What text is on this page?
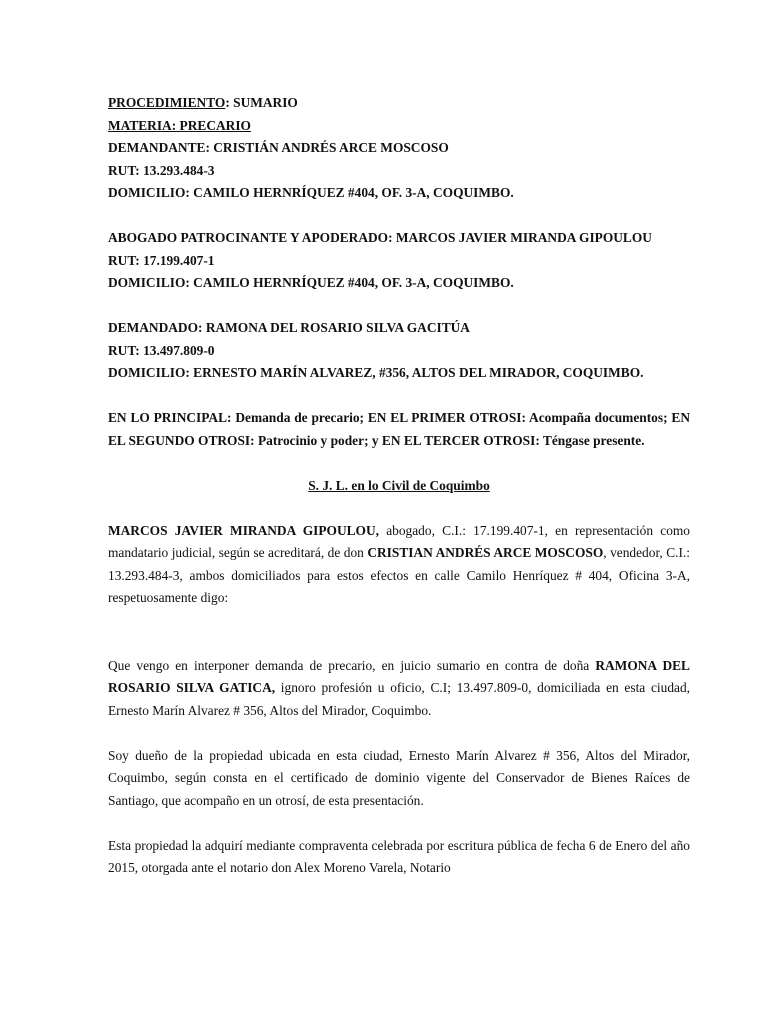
PROCEDIMIENTO: SUMARIO
MATERIA: PRECARIO
DEMANDANTE: CRISTIÁN ANDRÉS ARCE MOSCOSO
RUT: 13.293.484-3
DOMICILIO: CAMILO HERNRÍQUEZ #404, OF. 3-A, COQUIMBO.
ABOGADO PATROCINANTE Y APODERADO: MARCOS JAVIER MIRANDA GIPOULOU
RUT: 17.199.407-1
DOMICILIO: CAMILO HERNRÍQUEZ #404, OF. 3-A, COQUIMBO.
DEMANDADO: RAMONA DEL ROSARIO SILVA GACITÚA
RUT: 13.497.809-0
DOMICILIO: ERNESTO MARÍN ALVAREZ, #356, ALTOS DEL MIRADOR, COQUIMBO.
EN LO PRINCIPAL: Demanda de precario; EN EL PRIMER OTROSI: Acompaña documentos; EN EL SEGUNDO OTROSI: Patrocinio y poder; y EN EL TERCER OTROSI: Téngase presente.
S. J. L. en lo Civil de Coquimbo

MARCOS JAVIER MIRANDA GIPOULOU, abogado, C.I.: 17.199.407-1, en representación como mandatario judicial, según se acreditará, de don CRISTIAN ANDRÉS ARCE MOSCOSO, vendedor, C.I.: 13.293.484-3, ambos domiciliados para estos efectos en calle Camilo Henríquez # 404, Oficina 3-A, respetuosamente digo:

Que vengo en interponer demanda de precario, en juicio sumario en contra de doña RAMONA DEL ROSARIO SILVA GATICA, ignoro profesión u oficio, C.I; 13.497.809-0, domiciliada en esta ciudad, Ernesto Marín Alvarez # 356, Altos del Mirador, Coquimbo.

Soy dueño de la propiedad ubicada en esta ciudad, Ernesto Marín Alvarez # 356, Altos del Mirador, Coquimbo, según consta en el certificado de dominio vigente del Conservador de Bienes Raíces de Santiago, que acompaño en un otrosí, de esta presentación.

Esta propiedad la adquirí mediante compraventa celebrada por escritura pública de fecha 6 de Enero del año 2015, otorgada ante el notario don Alex Moreno Varela, Notario
